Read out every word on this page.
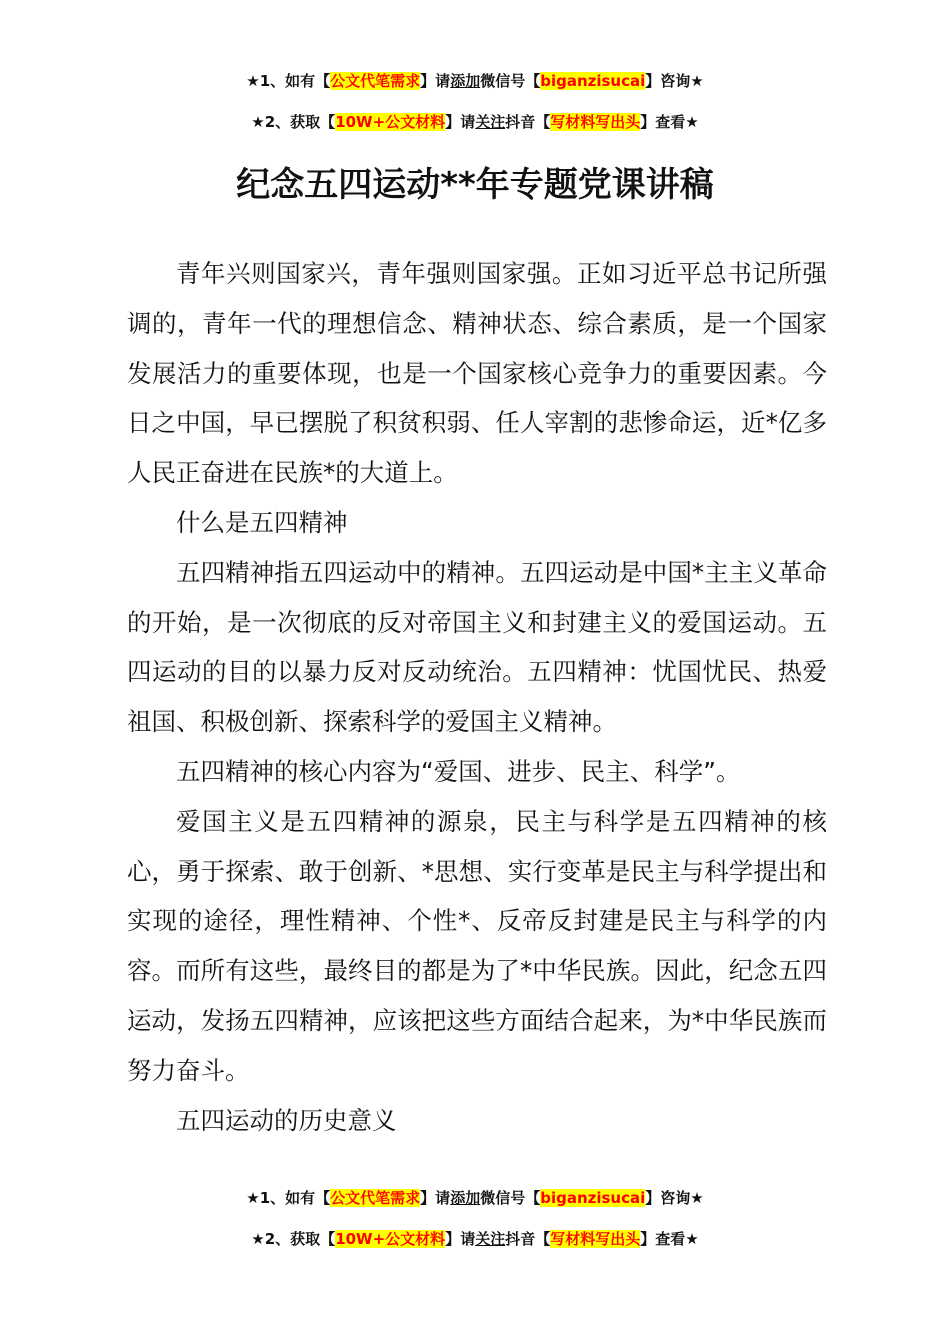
★1、如有【公文代笔需求】请添加微信号【biganzisucai】咨询★
★2、获取【10W+公文材料】请关注抖音【写材料写出头】查看★
纪念五四运动**年专题党课讲稿

青年兴则国家兴，青年强则国家强。正如习近平总书记所强调的，青年一代的理想信念、精神状态、综合素质，是一个国家发展活力的重要体现，也是一个国家核心竞争力的重要因素。今日之中国，早已摆脱了积贫积弱、任人宰割的悲惨命运，近*亿多人民正奋进在民族*的大道上。

什么是五四精神

五四精神指五四运动中的精神。五四运动是中国*主主义革命的开始，是一次彻底的反对帝国主义和封建主义的爱国运动。五四运动的目的以暴力反对反动统治。五四精神：忧国忧民、热爱祖国、积极创新、探索科学的爱国主义精神。

五四精神的核心内容为“爱国、进步、民主、科学”。

爱国主义是五四精神的源泉，民主与科学是五四精神的核心，勇于探索、敢于创新、*思想、实行变革是民主与科学提出和实现的途径，理性精神、个性*、反帝反封建是民主与科学的内容。而所有这些，最终目的都是为了*中华民族。因此，纪念五四运动，发扬五四精神，应该把这些方面结合起来，为*中华民族而努力奋斗。

五四运动的历史意义

★1、如有【公文代笔需求】请添加微信号【biganzisucai】咨询★
★2、获取【10W+公文材料】请关注抖音【写材料写出头】查看★
